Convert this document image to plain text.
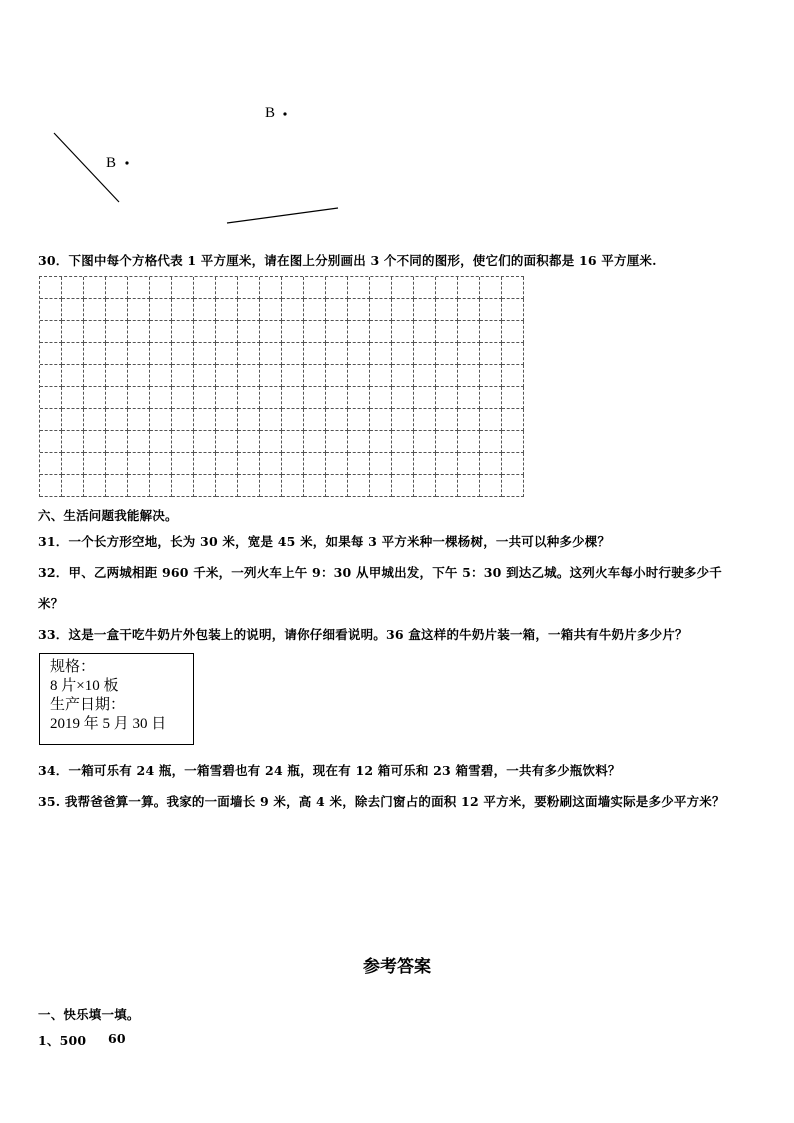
B
B
30．下图中每个方格代表 1 平方厘米，请在图上分别画出 3 个不同的图形，使它们的面积都是 16 平方厘米.
六、生活问题我能解决。
31．一个长方形空地，长为 30 米，宽是 45 米，如果每 3 平方米种一棵杨树，一共可以种多少棵？
32．甲、乙两城相距 960 千米，一列火车上午 9：30 从甲城出发，下午 5：30 到达乙城。这列火车每小时行驶多少千
米？
33．这是一盒干吃牛奶片外包装上的说明，请你仔细看说明。36 盒这样的牛奶片装一箱，一箱共有牛奶片多少片？
规格：
8 片×10 板
生产日期：
2019 年 5 月 30 日
34．一箱可乐有 24 瓶，一箱雪碧也有 24 瓶，现在有 12 箱可乐和 23 箱雪碧，一共有多少瓶饮料？
35. 我帮爸爸算一算。我家的一面墙长 9 米，高 4 米，除去门窗占的面积 12 平方米，要粉刷这面墙实际是多少平方米？
参考答案
一、快乐填一填。
1、500 60
